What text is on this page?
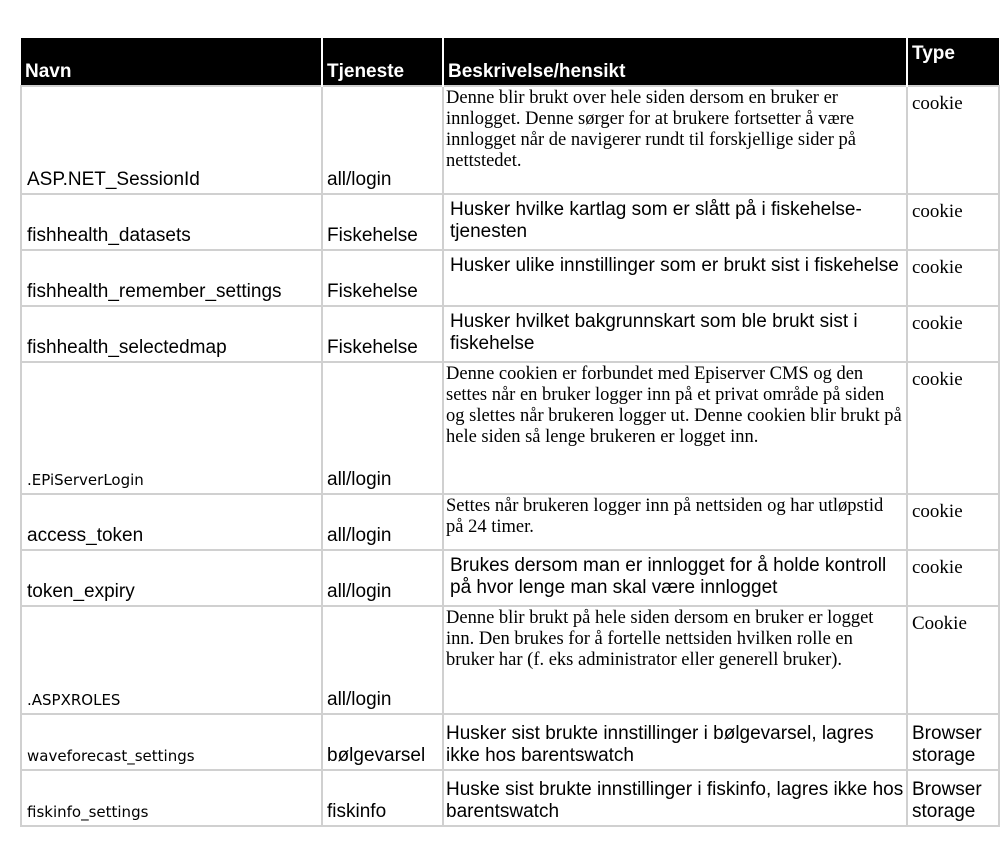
Navn	Tjeneste	Beskrivelse/hensikt	Type
ASP.NET_SessionId	all/login	Denne blir brukt over hele siden dersom en bruker er innlogget. Denne sørger for at brukere fortsetter å være innlogget når de navigerer rundt til forskjellige sider på nettstedet.	cookie
fishhealth_datasets	Fiskehelse	Husker hvilke kartlag som er slått på i fiskehelse-tjenesten	cookie
fishhealth_remember_settings	Fiskehelse	Husker ulike innstillinger som er brukt sist i fiskehelse	cookie
fishhealth_selectedmap	Fiskehelse	Husker hvilket bakgrunnskart som ble brukt sist i fiskehelse	cookie
.EPiServerLogin	all/login	Denne cookien er forbundet med Episerver CMS og den settes når en bruker logger inn på et privat område på siden og slettes når brukeren logger ut. Denne cookien blir brukt på hele siden så lenge brukeren er logget inn.	cookie
access_token	all/login	Settes når brukeren logger inn på nettsiden og har utløpstid på 24 timer.	cookie
token_expiry	all/login	Brukes dersom man er innlogget for å holde kontroll på hvor lenge man skal være innlogget	cookie
.ASPXROLES	all/login	Denne blir brukt på hele siden dersom en bruker er logget inn. Den brukes for å fortelle nettsiden hvilken rolle en bruker har (f. eks administrator eller generell bruker).	Cookie
waveforecast_settings	bølgevarsel	Husker sist brukte innstillinger i bølgevarsel, lagres ikke hos barentswatch	Browser storage
fiskinfo_settings	fiskinfo	Huske sist brukte innstillinger i fiskinfo, lagres ikke hos barentswatch	Browser storage
